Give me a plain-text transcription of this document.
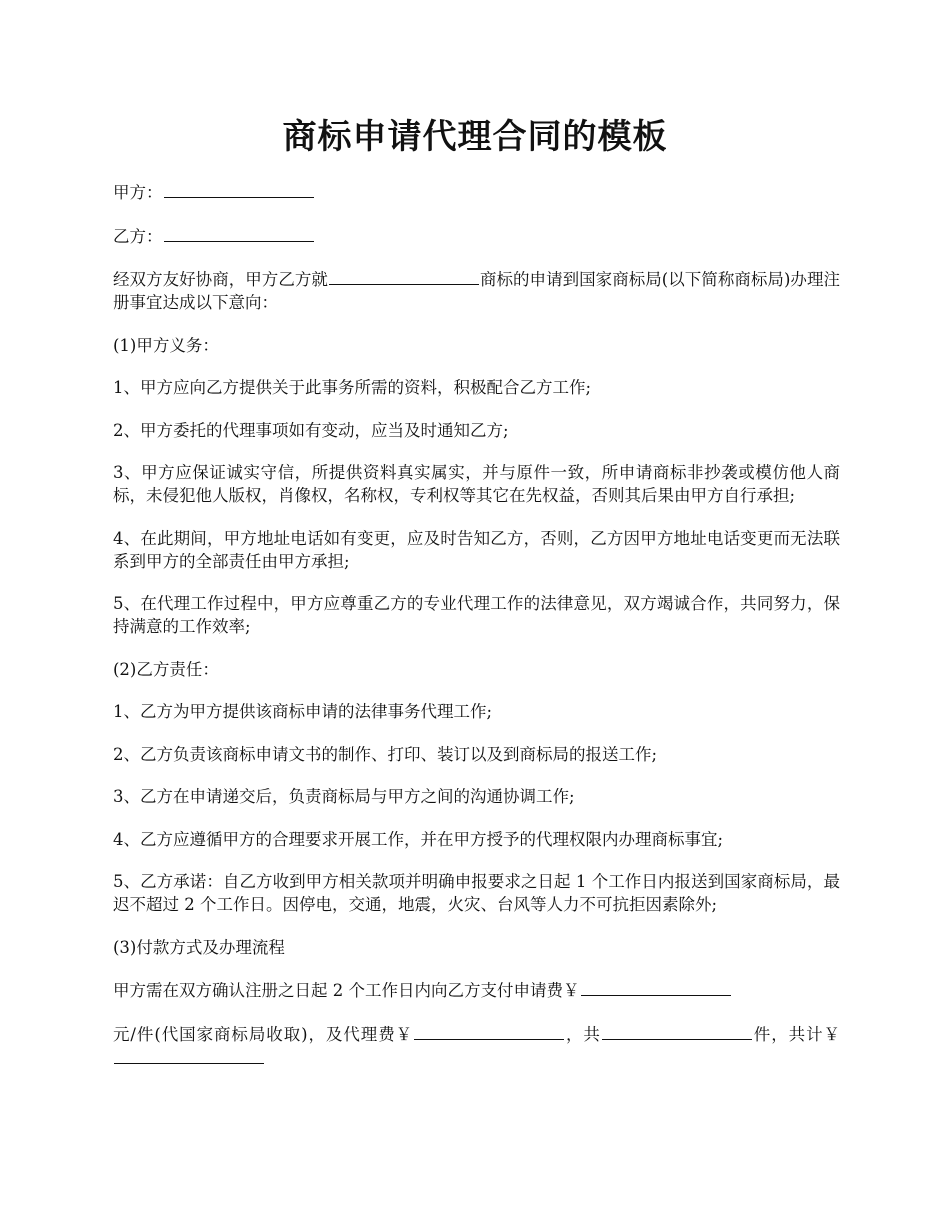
商标申请代理合同的模板

甲方：

乙方：

经双方友好协商，甲方乙方就	商标的申请到国家商标局(以下简称商标局)办理注册事宜达成以下意向：

(1)甲方义务：

1、甲方应向乙方提供关于此事务所需的资料，积极配合乙方工作;

2、甲方委托的代理事项如有变动，应当及时通知乙方;

3、甲方应保证诚实守信，所提供资料真实属实，并与原件一致，所申请商标非抄袭或模仿他人商标，未侵犯他人版权，肖像权，名称权，专利权等其它在先权益，否则其后果由甲方自行承担;

4、在此期间，甲方地址电话如有变更，应及时告知乙方，否则，乙方因甲方地址电话变更而无法联系到甲方的全部责任由甲方承担;

5、在代理工作过程中，甲方应尊重乙方的专业代理工作的法律意见，双方竭诚合作，共同努力，保持满意的工作效率;

(2)乙方责任：

1、乙方为甲方提供该商标申请的法律事务代理工作;

2、乙方负责该商标申请文书的制作、打印、装订以及到商标局的报送工作;

3、乙方在申请递交后，负责商标局与甲方之间的沟通协调工作;

4、乙方应遵循甲方的合理要求开展工作，并在甲方授予的代理权限内办理商标事宜;

5、乙方承诺：自乙方收到甲方相关款项并明确申报要求之日起 1 个工作日内报送到国家商标局，最迟不超过 2 个工作日。因停电，交通，地震，火灾、台风等人力不可抗拒因素除外;

(3)付款方式及办理流程

甲方需在双方确认注册之日起 2 个工作日内向乙方支付申请费￥

元/件(代国家商标局收取)，及代理费￥	，共	件，共计￥
